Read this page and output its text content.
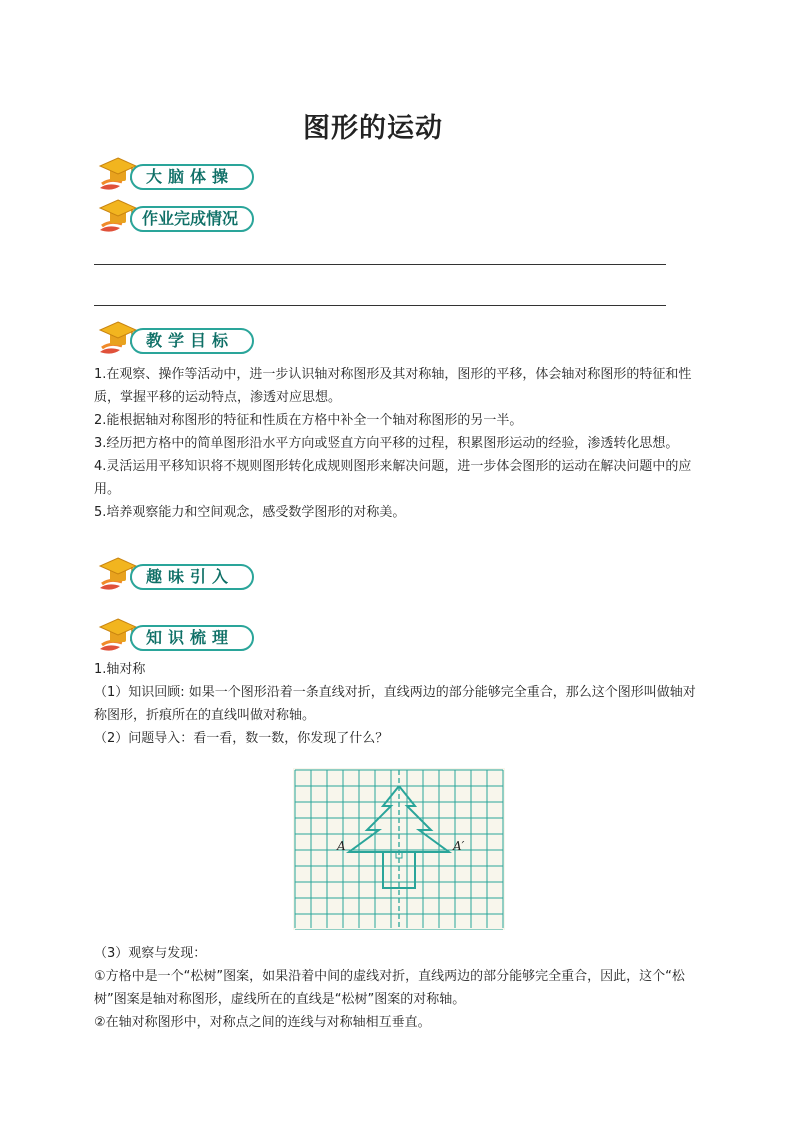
图形的运动
大脑体操
作业完成情况
教学目标

1.在观察、操作等活动中，进一步认识轴对称图形及其对称轴，图形的平移，体会轴对称图形的特征和性质，掌握平移的运动特点，渗透对应思想。

2.能根据轴对称图形的特征和性质在方格中补全一个轴对称图形的另一半。

3.经历把方格中的简单图形沿水平方向或竖直方向平移的过程，积累图形运动的经验，渗透转化思想。

4.灵活运用平移知识将不规则图形转化成规则图形来解决问题，进一步体会图形的运动在解决问题中的应用。

5.培养观察能力和空间观念，感受数学图形的对称美。

趣味引入
知识梳理

1.轴对称

（1）知识回顾: 如果一个图形沿着一条直线对折，直线两边的部分能够完全重合，那么这个图形叫做轴对称图形，折痕所在的直线叫做对称轴。

（2）问题导入：看一看，数一数，你发现了什么？

A	A′

（3）观察与发现：

①方格中是一个“松树”图案，如果沿着中间的虚线对折，直线两边的部分能够完全重合，因此，这个“松树”图案是轴对称图形，虚线所在的直线是“松树”图案的对称轴。

②在轴对称图形中，对称点之间的连线与对称轴相互垂直。
